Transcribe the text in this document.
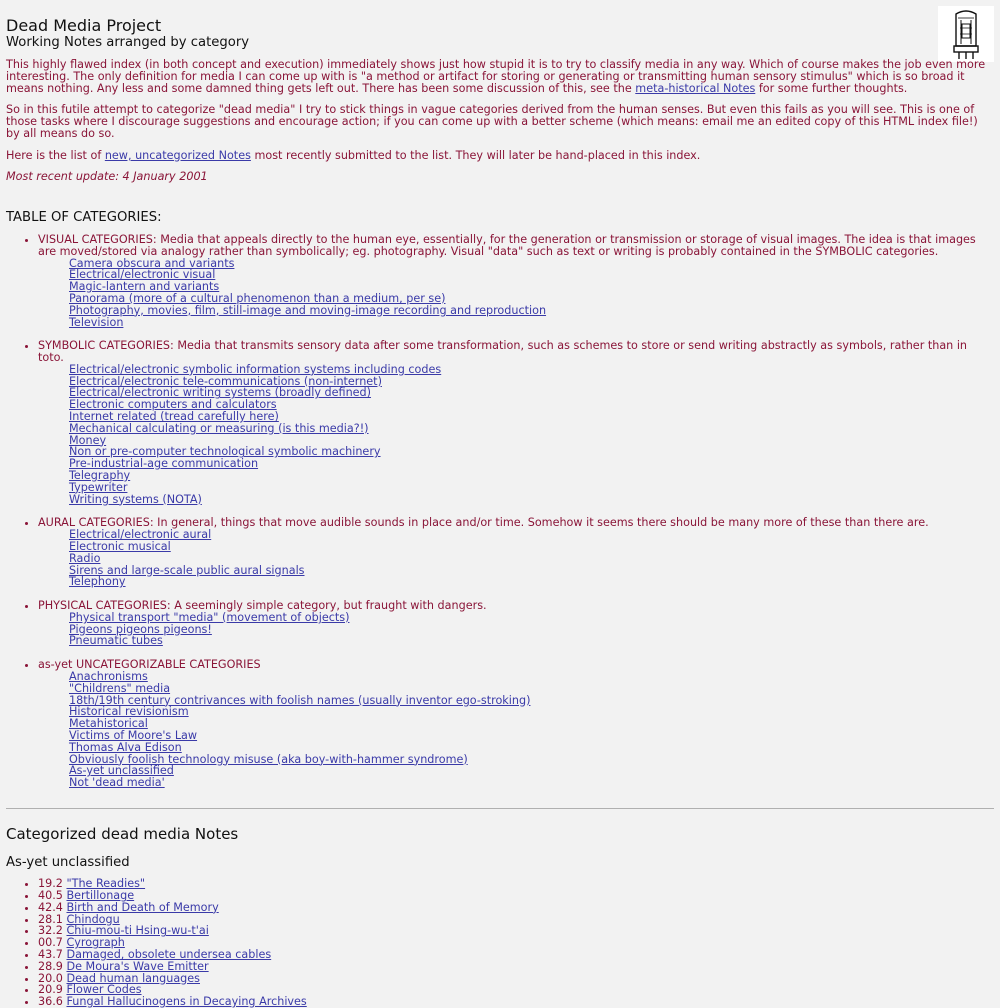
Dead Media Project
Working Notes arranged by category

This highly flawed index (in both concept and execution) immediately shows just how stupid it is to try to classify media in any way. Which of course makes the job even more interesting. The only definition for media I can come up with is "a method or artifact for storing or generating or transmitting human sensory stimulus" which is so broad it means nothing. Any less and some damned thing gets left out. There has been some discussion of this, see the meta-historical Notes for some further thoughts.

So in this futile attempt to categorize "dead media" I try to stick things in vague categories derived from the human senses. But even this fails as you will see. This is one of those tasks where I discourage suggestions and encourage action; if you can come up with a better scheme (which means: email me an edited copy of this HTML index file!) by all means do so.

Here is the list of new, uncategorized Notes most recently submitted to the list. They will later be hand-placed in this index.

Most recent update: 4 January 2001

TABLE OF CATEGORIES:
• VISUAL CATEGORIES: Media that appeals directly to the human eye, essentially, for the generation or transmission or storage of visual images. The idea is that images are moved/stored via analogy rather than symbolically; eg. photography. Visual "data" such as text or writing is probably contained in the SYMBOLIC categories.
Camera obscura and variants
Electrical/electronic visual
Magic-lantern and variants
Panorama (more of a cultural phenomenon than a medium, per se)
Photography, movies, film, still-image and moving-image recording and reproduction
Television
• SYMBOLIC CATEGORIES: Media that transmits sensory data after some transformation, such as schemes to store or send writing abstractly as symbols, rather than in toto.
Electrical/electronic symbolic information systems including codes
Electrical/electronic tele-communications (non-internet)
Electrical/electronic writing systems (broadly defined)
Electronic computers and calculators
Internet related (tread carefully here)
Mechanical calculating or measuring (is this media?!)
Money
Non or pre-computer technological symbolic machinery
Pre-industrial-age communication
Telegraphy
Typewriter
Writing systems (NOTA)
• AURAL CATEGORIES: In general, things that move audible sounds in place and/or time. Somehow it seems there should be many more of these than there are.
Electrical/electronic aural
Electronic musical
Radio
Sirens and large-scale public aural signals
Telephony
• PHYSICAL CATEGORIES: A seemingly simple category, but fraught with dangers.
Physical transport "media" (movement of objects)
Pigeons pigeons pigeons!
Pneumatic tubes
• as-yet UNCATEGORIZABLE CATEGORIES
Anachronisms
"Childrens" media
18th/19th century contrivances with foolish names (usually inventor ego-stroking)
Historical revisionism
Metahistorical
Victims of Moore's Law
Thomas Alva Edison
Obviously foolish technology misuse (aka boy-with-hammer syndrome)
As-yet unclassified
Not 'dead media'
Categorized dead media Notes
As-yet unclassified
• 19.2 "The Readies"
• 40.5 Bertillonage
• 42.4 Birth and Death of Memory
• 28.1 Chindogu
• 32.2 Chiu-mou-ti Hsing-wu-t'ai
• 00.7 Cyrograph
• 43.7 Damaged, obsolete undersea cables
• 28.9 De Moura's Wave Emitter
• 20.0 Dead human languages
• 20.9 Flower Codes
• 36.6 Fungal Hallucinogens in Decaying Archives
